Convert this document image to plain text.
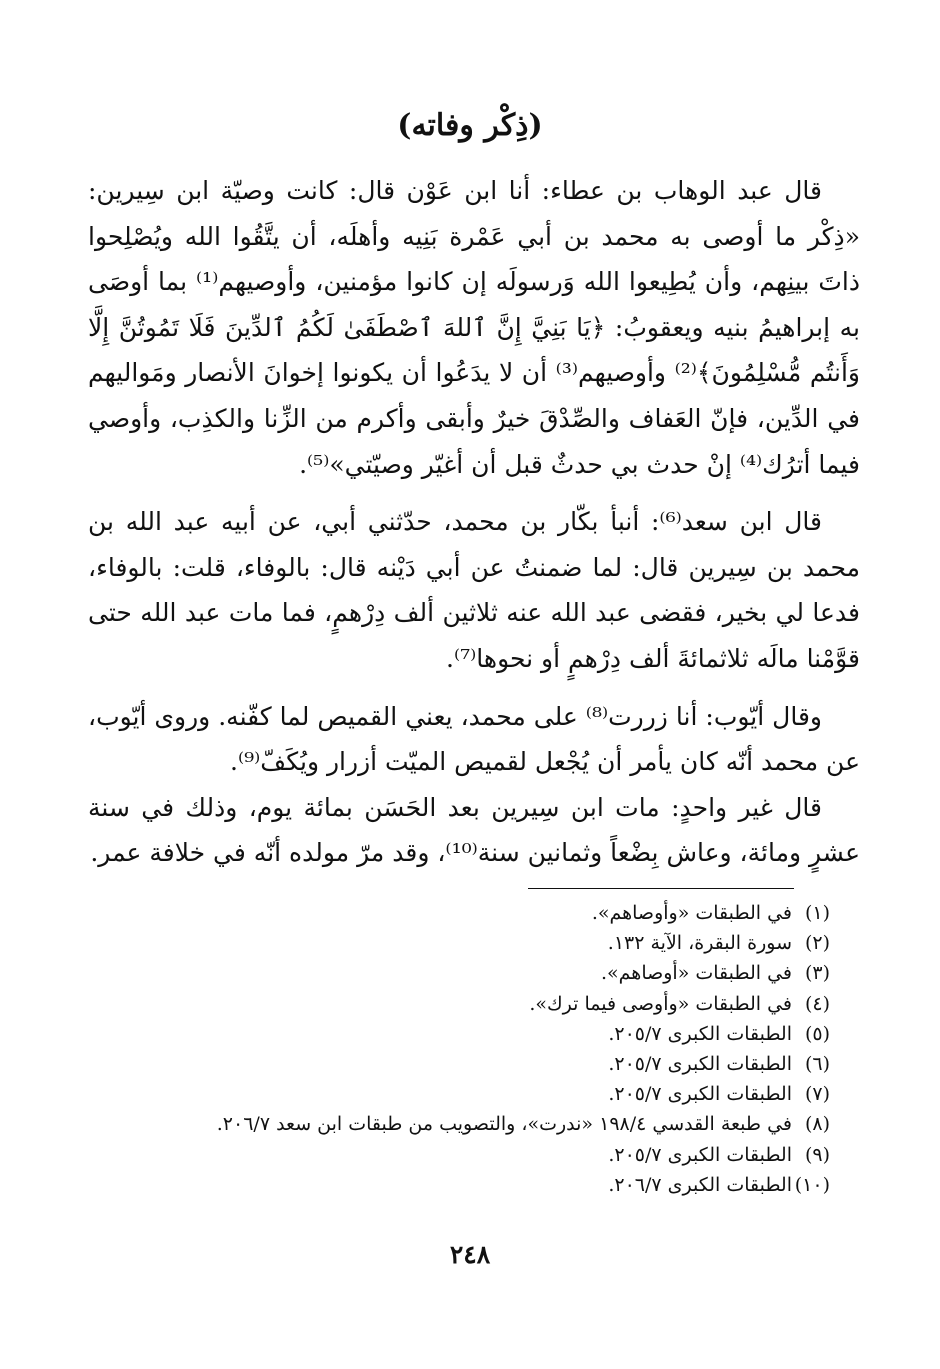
(ذِكْر وفاته)

قال عبد الوهاب بن عطاء: أنا ابن عَوْن قال: كانت وصيّة ابن سِيرين: «ذِكْر ما أوصى به محمد بن أبي عَمْرة بَنِيه وأهلَه، أن يتَّقُوا الله ويُصْلِحوا ذاتَ بينِهم، وأن يُطِيعوا الله وَرسولَه إن كانوا مؤمنين، وأوصيهم⁽¹⁾ بما أوصَى به إبراهيمُ بنيه ويعقوبُ: ﴿يَا بَنِيَّ إِنَّ ٱللهَ ٱصْطَفَىٰ لَكُمُ ٱلدِّينَ فَلَا تَمُوتُنَّ إِلَّا وَأَنتُم مُّسْلِمُونَ﴾⁽²⁾ وأوصيهم⁽³⁾ أن لا يدَعُوا أن يكونوا إخوانَ الأنصار ومَواليهم في الدِّين، فإنّ العَفاف والصِّدْقَ خيرٌ وأبقى وأكرم من الزِّنا والكذِب، وأوصي فيما أترُك⁽⁴⁾ إنْ حدث بي حدثٌ قبل أن أغيّر وصيّتي»⁽⁵⁾.

قال ابن سعد⁽⁶⁾: أنبأ بكّار بن محمد، حدّثني أبي، عن أبيه عبد الله بن محمد بن سِيرين قال: لما ضمنتُ عن أبي دَيْنه قال: بالوفاء، قلت: بالوفاء، فدعا لي بخير، فقضى عبد الله عنه ثلاثين ألف دِرْهمٍ، فما مات عبد الله حتى قوَّمْنا مالَه ثلاثمائةَ ألف دِرْهمٍ أو نحوها⁽⁷⁾.

وقال أيّوب: أنا زررت⁽⁸⁾ على محمد، يعني القميص لما كفّنه. وروى أيّوب، عن محمد أنّه كان يأمر أن يُجْعل لقميص الميّت أزرار ويُكَفّ⁽⁹⁾.

قال غير واحدٍ: مات ابن سِيرين بعد الحَسَن بمائة يوم، وذلك في سنة عشرٍ ومائة، وعاش بِضْعاً وثمانين سنة⁽¹⁰⁾، وقد مرّ مولده أنّه في خلافة عمر.

(١)
في الطبقات «وأوصاهم».
(٢)
سورة البقرة، الآية ١٣٢.
(٣)
في الطبقات «أوصاهم».
(٤)
في الطبقات «وأوصى فيما ترك».
(٥)
الطبقات الكبرى ٢٠٥/٧.
(٦)
الطبقات الكبرى ٢٠٥/٧.
(٧)
الطبقات الكبرى ٢٠٥/٧.
(٨)
في طبعة القدسي ١٩٨/٤ «ندرت»، والتصويب من طبقات ابن سعد ٢٠٦/٧.
(٩)
الطبقات الكبرى ٢٠٥/٧.
(١٠)
الطبقات الكبرى ٢٠٦/٧.
٢٤٨
